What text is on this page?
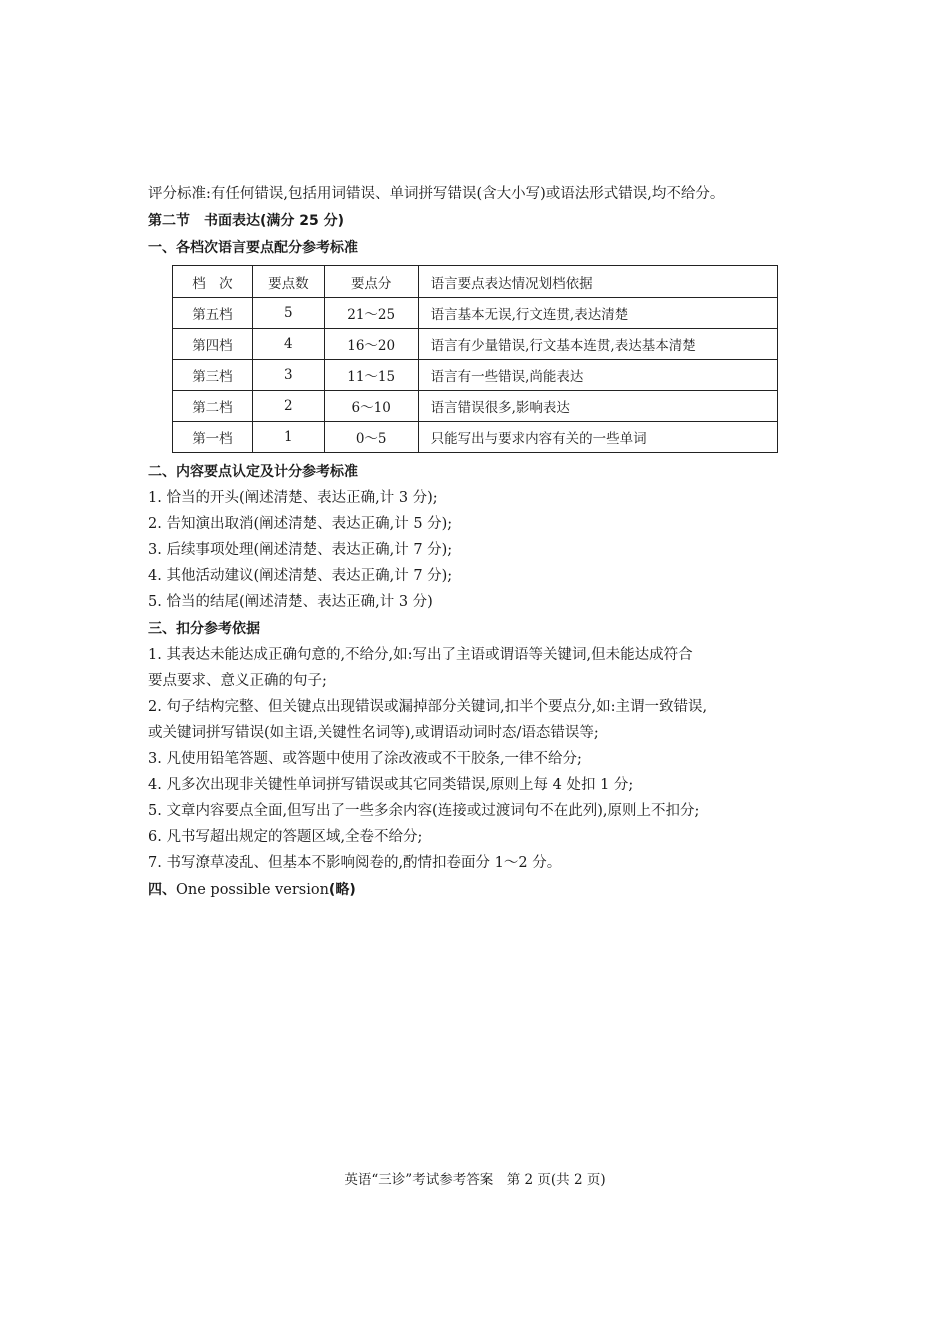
评分标准:有任何错误,包括用词错误、单词拼写错误(含大小写)或语法形式错误,均不给分。
第二节　书面表达(满分 25 分)
一、各档次语言要点配分参考标准
档　次	要点数	要点分	语言要点表达情况划档依据
第五档	5	21～25	语言基本无误,行文连贯,表达清楚
第四档	4	16～20	语言有少量错误,行文基本连贯,表达基本清楚
第三档	3	11～15	语言有一些错误,尚能表达
第二档	2	6～10	语言错误很多,影响表达
第一档	1	0～5	只能写出与要求内容有关的一些单词
二、内容要点认定及计分参考标准
1. 恰当的开头(阐述清楚、表达正确,计 3 分);
2. 告知演出取消(阐述清楚、表达正确,计 5 分);
3. 后续事项处理(阐述清楚、表达正确,计 7 分);
4. 其他活动建议(阐述清楚、表达正确,计 7 分);
5. 恰当的结尾(阐述清楚、表达正确,计 3 分)
三、扣分参考依据
1. 其表达未能达成正确句意的,不给分,如:写出了主语或谓语等关键词,但未能达成符合
要点要求、意义正确的句子;
2. 句子结构完整、但关键点出现错误或漏掉部分关键词,扣半个要点分,如:主谓一致错误,
或关键词拼写错误(如主语,关键性名词等),或谓语动词时态/语态错误等;
3. 凡使用铅笔答题、或答题中使用了涂改液或不干胶条,一律不给分;
4. 凡多次出现非关键性单词拼写错误或其它同类错误,原则上每 4 处扣 1 分;
5. 文章内容要点全面,但写出了一些多余内容(连接或过渡词句不在此列),原则上不扣分;
6. 凡书写超出规定的答题区域,全卷不给分;
7. 书写潦草凌乱、但基本不影响阅卷的,酌情扣卷面分 1～2 分。
四、One possible version(略)
英语“三诊”考试参考答案　第 2 页(共 2 页)
